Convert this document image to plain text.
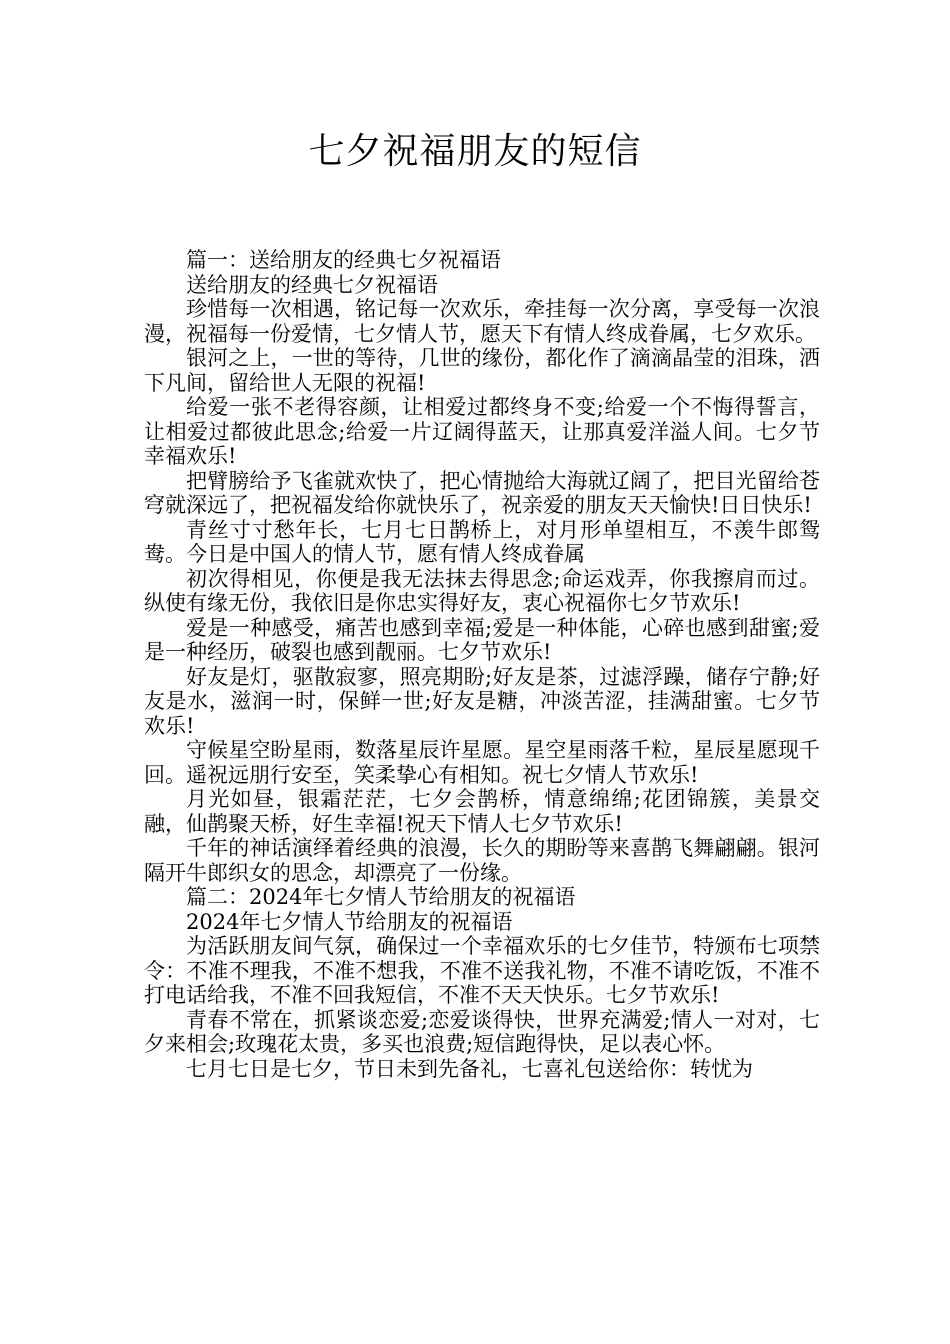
七夕祝福朋友的短信

篇一：送给朋友的经典七夕祝福语

送给朋友的经典七夕祝福语

珍惜每一次相遇，铭记每一次欢乐，牵挂每一次分离，享受每一次浪漫，祝福每一份爱情，七夕情人节，愿天下有情人终成眷属，七夕欢乐。

银河之上，一世的等待，几世的缘份，都化作了滴滴晶莹的泪珠，洒下凡间，留给世人无限的祝福!

给爱一张不老得容颜，让相爱过都终身不变;给爱一个不悔得誓言，让相爱过都彼此思念;给爱一片辽阔得蓝天，让那真爱洋溢人间。七夕节幸福欢乐!

把臂膀给予飞雀就欢快了，把心情抛给大海就辽阔了，把目光留给苍穹就深远了，把祝福发给你就快乐了，祝亲爱的朋友天天愉快!日日快乐!

青丝寸寸愁年长，七月七日鹊桥上，对月形单望相互，不羡牛郎鸳鸯。今日是中国人的情人节，愿有情人终成眷属

初次得相见，你便是我无法抹去得思念;命运戏弄，你我擦肩而过。纵使有缘无份，我依旧是你忠实得好友，衷心祝福你七夕节欢乐!

爱是一种感受，痛苦也感到幸福;爱是一种体能，心碎也感到甜蜜;爱是一种经历，破裂也感到靓丽。七夕节欢乐!

好友是灯，驱散寂寥，照亮期盼;好友是茶，过滤浮躁，储存宁静;好友是水，滋润一时，保鲜一世;好友是糖，冲淡苦涩，挂满甜蜜。七夕节欢乐!

守候星空盼星雨，数落星辰许星愿。星空星雨落千粒，星辰星愿现千回。遥祝远朋行安至，笑柔挚心有相知。祝七夕情人节欢乐!

月光如昼，银霜茫茫，七夕会鹊桥，情意绵绵;花团锦簇，美景交融，仙鹊聚天桥，好生幸福!祝天下情人七夕节欢乐!

千年的神话演绎着经典的浪漫，长久的期盼等来喜鹊飞舞翩翩。银河隔开牛郎织女的思念，却漂亮了一份缘。

篇二：2024年七夕情人节给朋友的祝福语

2024年七夕情人节给朋友的祝福语

为活跃朋友间气氛，确保过一个幸福欢乐的七夕佳节，特颁布七项禁令：不准不理我，不准不想我，不准不送我礼物，不准不请吃饭，不准不打电话给我，不准不回我短信，不准不天天快乐。七夕节欢乐!

青春不常在，抓紧谈恋爱;恋爱谈得快，世界充满爱;情人一对对，七夕来相会;玫瑰花太贵，多买也浪费;短信跑得快，足以表心怀。

七月七日是七夕，节日未到先备礼，七喜礼包送给你：转忧为
